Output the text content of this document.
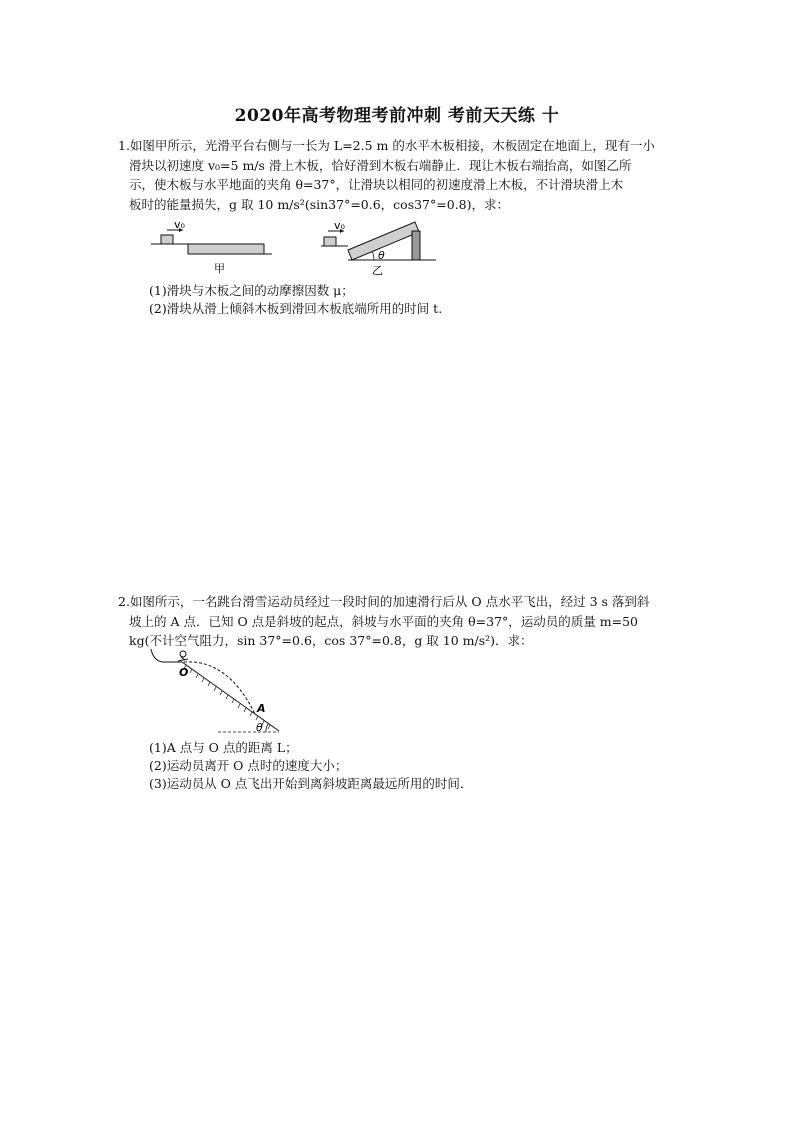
2020年高考物理考前冲刺 考前天天练 十
1.如图甲所示，光滑平台右侧与一长为 L=2.5 m 的水平木板相接，木板固定在地面上，现有一小
滑块以初速度 v₀=5 m/s 滑上木板，恰好滑到木板右端静止．现让木板右端抬高，如图乙所
示，使木板与水平地面的夹角 θ=37°，让滑块以相同的初速度滑上木板，不计滑块滑上木
板时的能量损失，g 取 10 m/s²(sin37°=0.6，cos37°=0.8)，求：
v₀
甲
v₀
θ
乙
(1)滑块与木板之间的动摩擦因数 μ；
(2)滑块从滑上倾斜木板到滑回木板底端所用的时间 t.
2.如图所示，一名跳台滑雪运动员经过一段时间的加速滑行后从 O 点水平飞出，经过 3 s 落到斜
坡上的 A 点．已知 O 点是斜坡的起点，斜坡与水平面的夹角 θ=37°，运动员的质量 m=50
kg(不计空气阻力，sin 37°=0.6，cos 37°=0.8，g 取 10 m/s²)．求：
O
A
θ
(1)A 点与 O 点的距离 L；
(2)运动员离开 O 点时的速度大小；
(3)运动员从 O 点飞出开始到离斜坡距离最远所用的时间．
